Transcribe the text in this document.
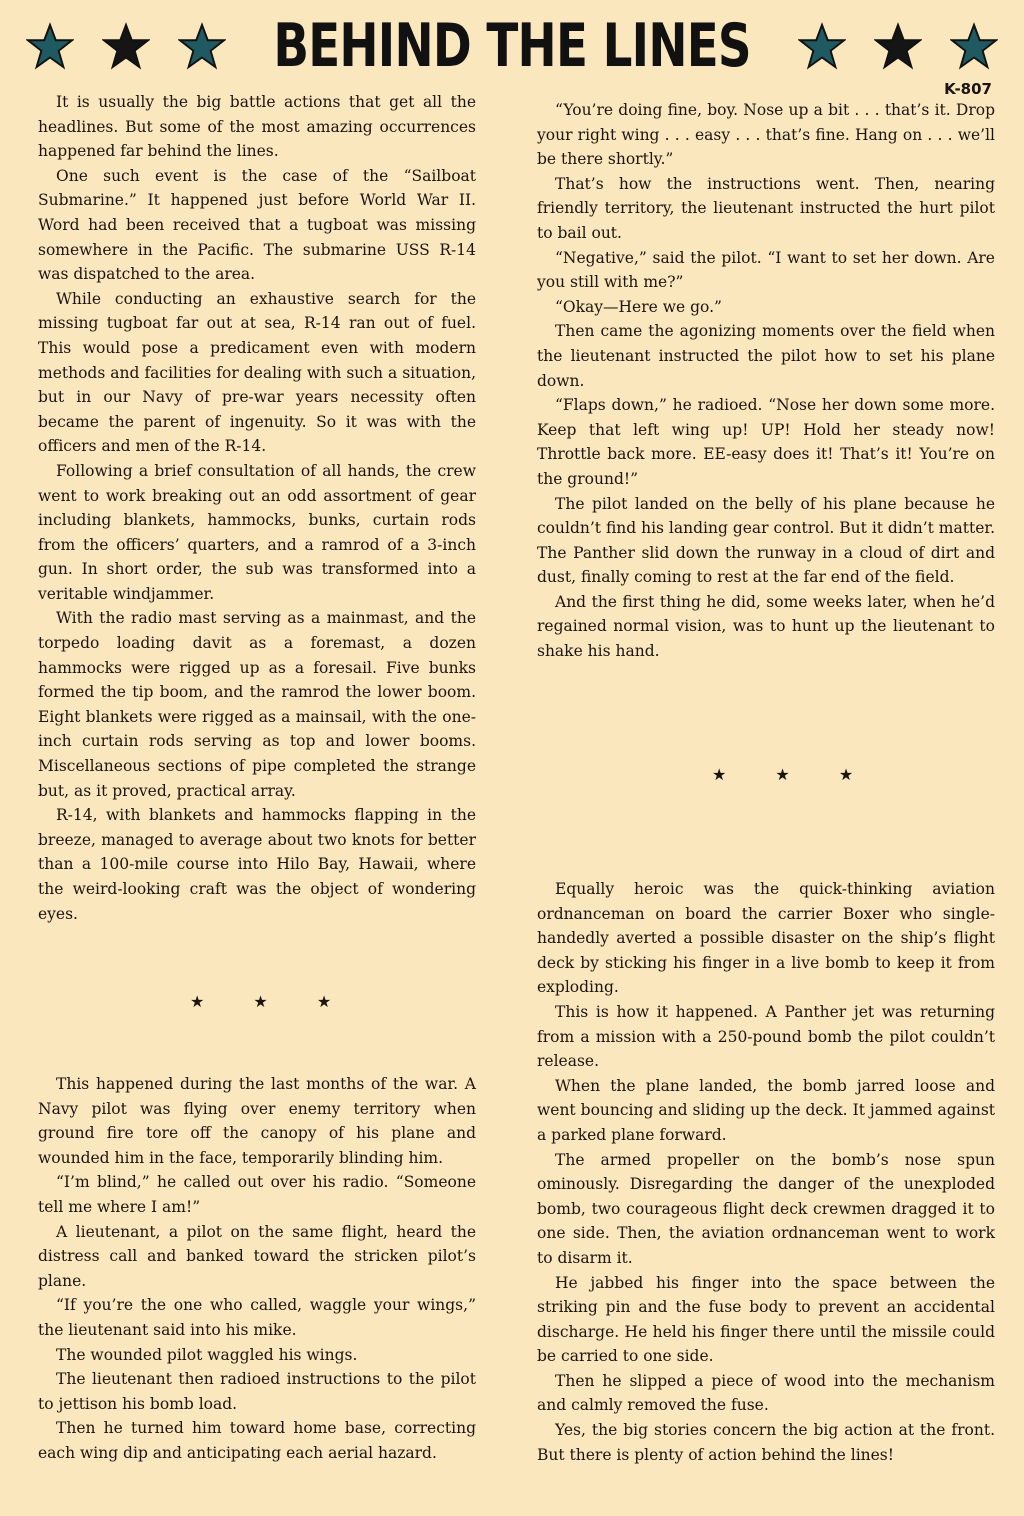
BEHIND THE LINES
K-807

It is usually the big battle actions that get all the headlines. But some of the most amazing occurrences happened far behind the lines.

One such event is the case of the “Sailboat Submarine.” It happened just before World War II. Word had been received that a tugboat was missing somewhere in the Pacific. The submarine USS R-14 was dispatched to the area.

While conducting an exhaustive search for the missing tugboat far out at sea, R-14 ran out of fuel. This would pose a predicament even with modern methods and facilities for dealing with such a situation, but in our Navy of pre-war years necessity often became the parent of ingenuity. So it was with the officers and men of the R-14.

Following a brief consultation of all hands, the crew went to work breaking out an odd assortment of gear including blankets, hammocks, bunks, curtain rods from the officers’ quarters, and a ramrod of a 3-inch gun. In short order, the sub was transformed into a veritable windjammer.

With the radio mast serving as a mainmast, and the torpedo loading davit as a foremast, a dozen hammocks were rigged up as a foresail. Five bunks formed the tip boom, and the ramrod the lower boom. Eight blankets were rigged as a mainsail, with the one-inch curtain rods serving as top and lower booms. Miscellaneous sections of pipe completed the strange but, as it proved, practical array.

R-14, with blankets and hammocks flapping in the breeze, managed to average about two knots for better than a 100-mile course into Hilo Bay, Hawaii, where the weird-looking craft was the object of wondering eyes.

★ ★ ★

This happened during the last months of the war. A Navy pilot was flying over enemy territory when ground fire tore off the canopy of his plane and wounded him in the face, temporarily blinding him.

“I’m blind,” he called out over his radio. “Someone tell me where I am!”

A lieutenant, a pilot on the same flight, heard the distress call and banked toward the stricken pilot’s plane.

“If you’re the one who called, waggle your wings,” the lieutenant said into his mike.

The wounded pilot waggled his wings.

The lieutenant then radioed instructions to the pilot to jettison his bomb load.

Then he turned him toward home base, correcting each wing dip and anticipating each aerial hazard.

“You’re doing fine, boy. Nose up a bit . . . that’s it. Drop your right wing . . . easy . . . that’s fine. Hang on . . . we’ll be there shortly.”

That’s how the instructions went. Then, nearing friendly territory, the lieutenant instructed the hurt pilot to bail out.

“Negative,” said the pilot. “I want to set her down. Are you still with me?”

“Okay—Here we go.”

Then came the agonizing moments over the field when the lieutenant instructed the pilot how to set his plane down.

“Flaps down,” he radioed. “Nose her down some more. Keep that left wing up! UP! Hold her steady now! Throttle back more. EE-easy does it! That’s it! You’re on the ground!”

The pilot landed on the belly of his plane because he couldn’t find his landing gear control. But it didn’t matter. The Panther slid down the runway in a cloud of dirt and dust, finally coming to rest at the far end of the field.

And the first thing he did, some weeks later, when he’d regained normal vision, was to hunt up the lieutenant to shake his hand.

★ ★ ★

Equally heroic was the quick-thinking aviation ordnanceman on board the carrier Boxer who single-handedly averted a possible disaster on the ship’s flight deck by sticking his finger in a live bomb to keep it from exploding.

This is how it happened. A Panther jet was returning from a mission with a 250-pound bomb the pilot couldn’t release.

When the plane landed, the bomb jarred loose and went bouncing and sliding up the deck. It jammed against a parked plane forward.

The armed propeller on the bomb’s nose spun ominously. Disregarding the danger of the unexploded bomb, two courageous flight deck crewmen dragged it to one side. Then, the aviation ordnanceman went to work to disarm it.

He jabbed his finger into the space between the striking pin and the fuse body to prevent an accidental discharge. He held his finger there until the missile could be carried to one side.

Then he slipped a piece of wood into the mechanism and calmly removed the fuse.

Yes, the big stories concern the big action at the front. But there is plenty of action behind the lines!
